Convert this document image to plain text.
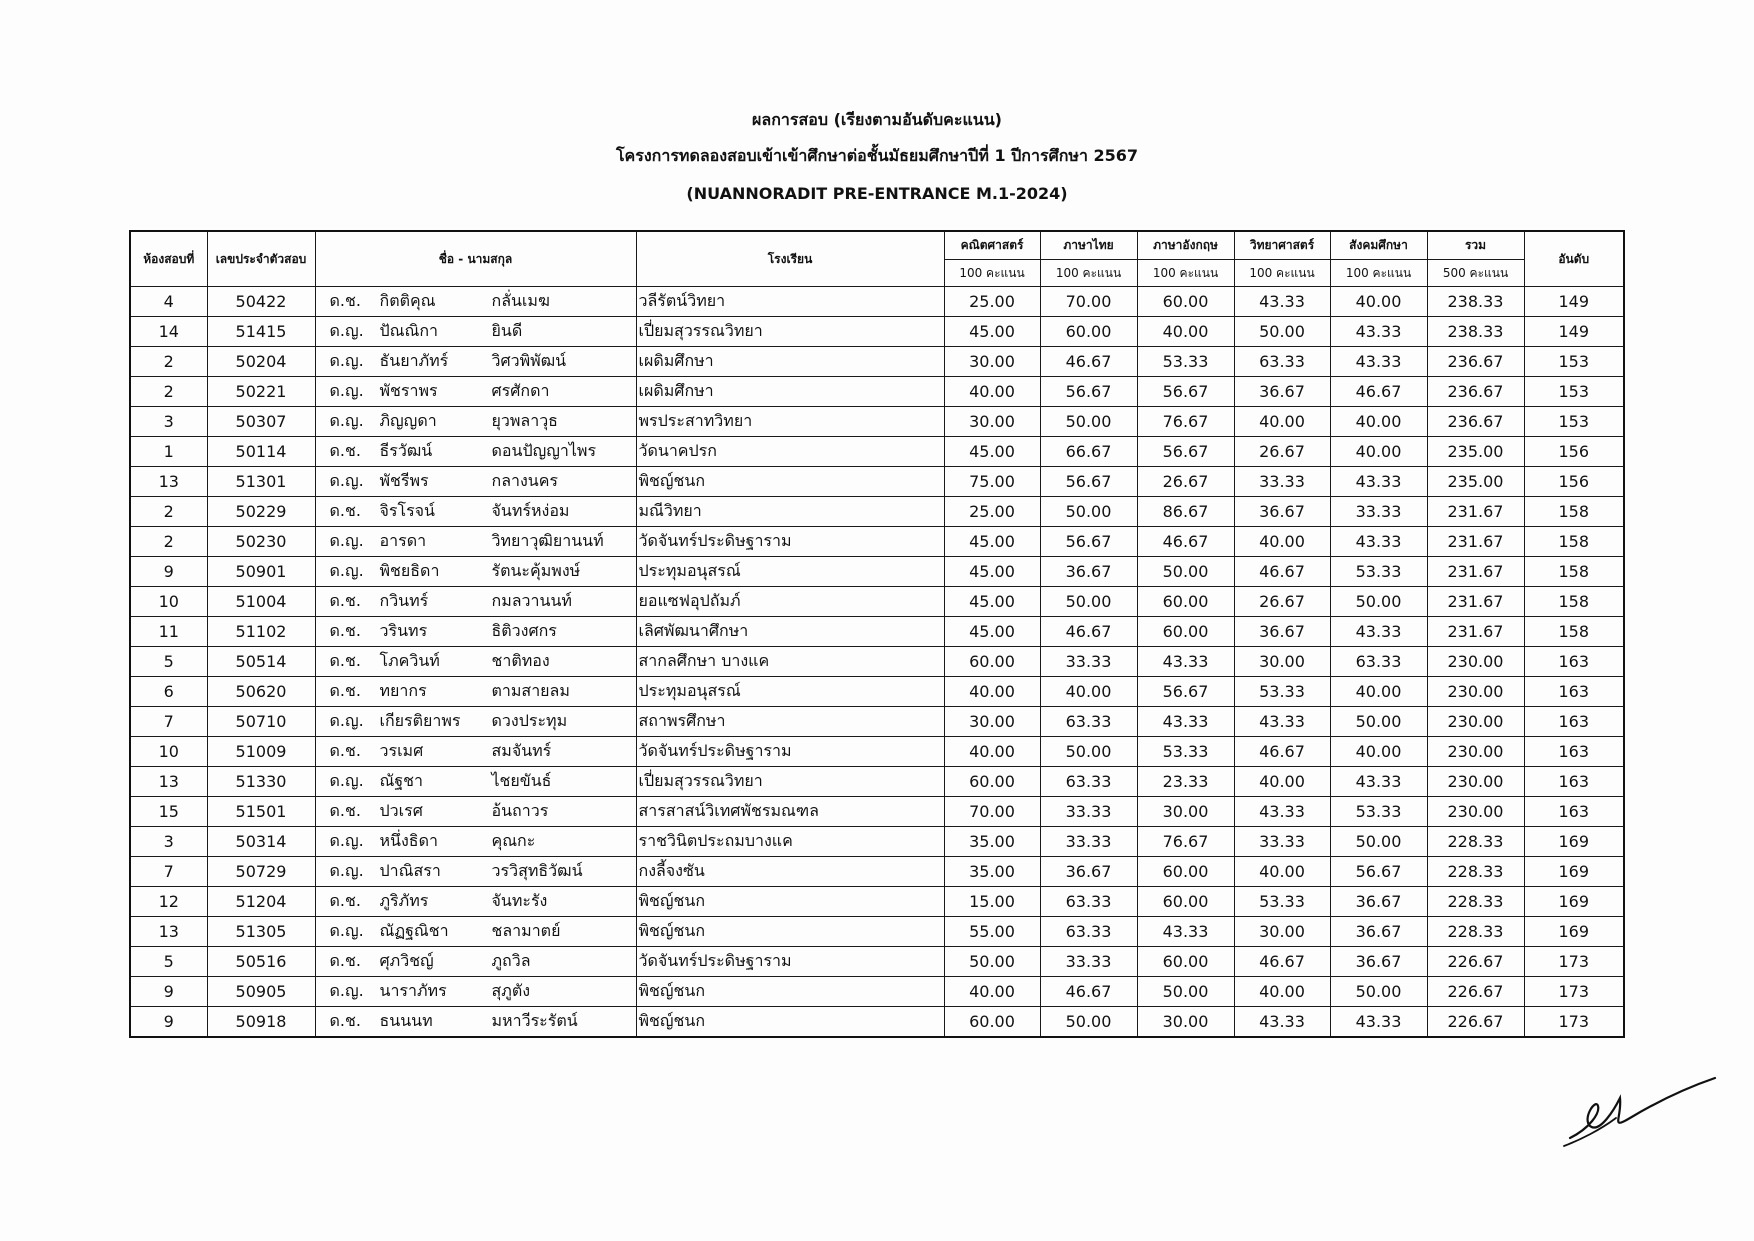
ผลการสอบ (เรียงตามอันดับคะแนน)
โครงการทดลองสอบเข้าเข้าศึกษาต่อชั้นมัธยมศึกษาปีที่ 1 ปีการศึกษา 2567
(NUANNORADIT PRE-ENTRANCE M.1-2024)
ห้องสอบที่	เลขประจำตัวสอบ	ชื่อ - นามสกุล	โรงเรียน	คณิตศาสตร์	ภาษาไทย	ภาษาอังกฤษ	วิทยาศาสตร์	สังคมศึกษา	รวม	อันดับ
				100 คะแนน	100 คะแนน	100 คะแนน	100 คะแนน	100 คะแนน	500 คะแนน	
4	50422	ด.ช. กิตติคุณ กลั่นเมฆ	วลีรัตน์วิทยา	25.00	70.00	60.00	43.33	40.00	238.33	149
14	51415	ด.ญ. ปัณณิกา ยินดี	เปี่ยมสุวรรณวิทยา	45.00	60.00	40.00	50.00	43.33	238.33	149
2	50204	ด.ญ. ธันยาภัทร์ วิศวพิพัฒน์	เผดิมศึกษา	30.00	46.67	53.33	63.33	43.33	236.67	153
2	50221	ด.ญ. พัชราพร ศรศักดา	เผดิมศึกษา	40.00	56.67	56.67	36.67	46.67	236.67	153
3	50307	ด.ญ. ภิญญดา ยุวพลาวุธ	พรประสาทวิทยา	30.00	50.00	76.67	40.00	40.00	236.67	153
1	50114	ด.ช. ธีรวัฒน์ ดอนปัญญาไพร	วัดนาคปรก	45.00	66.67	56.67	26.67	40.00	235.00	156
13	51301	ด.ญ. พัชรีพร กลางนคร	พิชญ์ชนก	75.00	56.67	26.67	33.33	43.33	235.00	156
2	50229	ด.ช. จิรโรจน์ จันทร์หง่อม	มณีวิทยา	25.00	50.00	86.67	36.67	33.33	231.67	158
2	50230	ด.ญ. อารดา วิทยาวุฒิยานนท์	วัดจันทร์ประดิษฐาราม	45.00	56.67	46.67	40.00	43.33	231.67	158
9	50901	ด.ญ. พิชยธิดา รัตนะคุ้มพงษ์	ประทุมอนุสรณ์	45.00	36.67	50.00	46.67	53.33	231.67	158
10	51004	ด.ช. กวินทร์ กมลวานนท์	ยอแซฟอุปถัมภ์	45.00	50.00	60.00	26.67	50.00	231.67	158
11	51102	ด.ช. วรินทร ธิติวงศกร	เลิศพัฒนาศึกษา	45.00	46.67	60.00	36.67	43.33	231.67	158
5	50514	ด.ช. โภควินท์ ชาติทอง	สากลศึกษา บางแค	60.00	33.33	43.33	30.00	63.33	230.00	163
6	50620	ด.ช. ทยากร ตามสายลม	ประทุมอนุสรณ์	40.00	40.00	56.67	53.33	40.00	230.00	163
7	50710	ด.ญ. เกียรติยาพร ดวงประทุม	สถาพรศึกษา	30.00	63.33	43.33	43.33	50.00	230.00	163
10	51009	ด.ช. วรเมศ สมจันทร์	วัดจันทร์ประดิษฐาราม	40.00	50.00	53.33	46.67	40.00	230.00	163
13	51330	ด.ญ. ณัฐชา ไชยขันธ์	เปี่ยมสุวรรณวิทยา	60.00	63.33	23.33	40.00	43.33	230.00	163
15	51501	ด.ช. ปวเรศ อ้นถาวร	สารสาสน์วิเทศพัชรมณฑล	70.00	33.33	30.00	43.33	53.33	230.00	163
3	50314	ด.ญ. หนึ่งธิดา คุณกะ	ราชวินิตประถมบางแค	35.00	33.33	76.67	33.33	50.00	228.33	169
7	50729	ด.ญ. ปาณิสรา วรวิสุทธิวัฒน์	กงลี้จงซัน	35.00	36.67	60.00	40.00	56.67	228.33	169
12	51204	ด.ช. ภูริภัทร จันทะรัง	พิชญ์ชนก	15.00	63.33	60.00	53.33	36.67	228.33	169
13	51305	ด.ญ. ณัฏฐณิชา ชลามาตย์	พิชญ์ชนก	55.00	63.33	43.33	30.00	36.67	228.33	169
5	50516	ด.ช. ศุภวิชญ์ ภูถวิล	วัดจันทร์ประดิษฐาราม	50.00	33.33	60.00	46.67	36.67	226.67	173
9	50905	ด.ญ. นาราภัทร สุภูตัง	พิชญ์ชนก	40.00	46.67	50.00	40.00	50.00	226.67	173
9	50918	ด.ช. ธนนนท มหาวีระรัตน์	พิชญ์ชนก	60.00	50.00	30.00	43.33	43.33	226.67	173
